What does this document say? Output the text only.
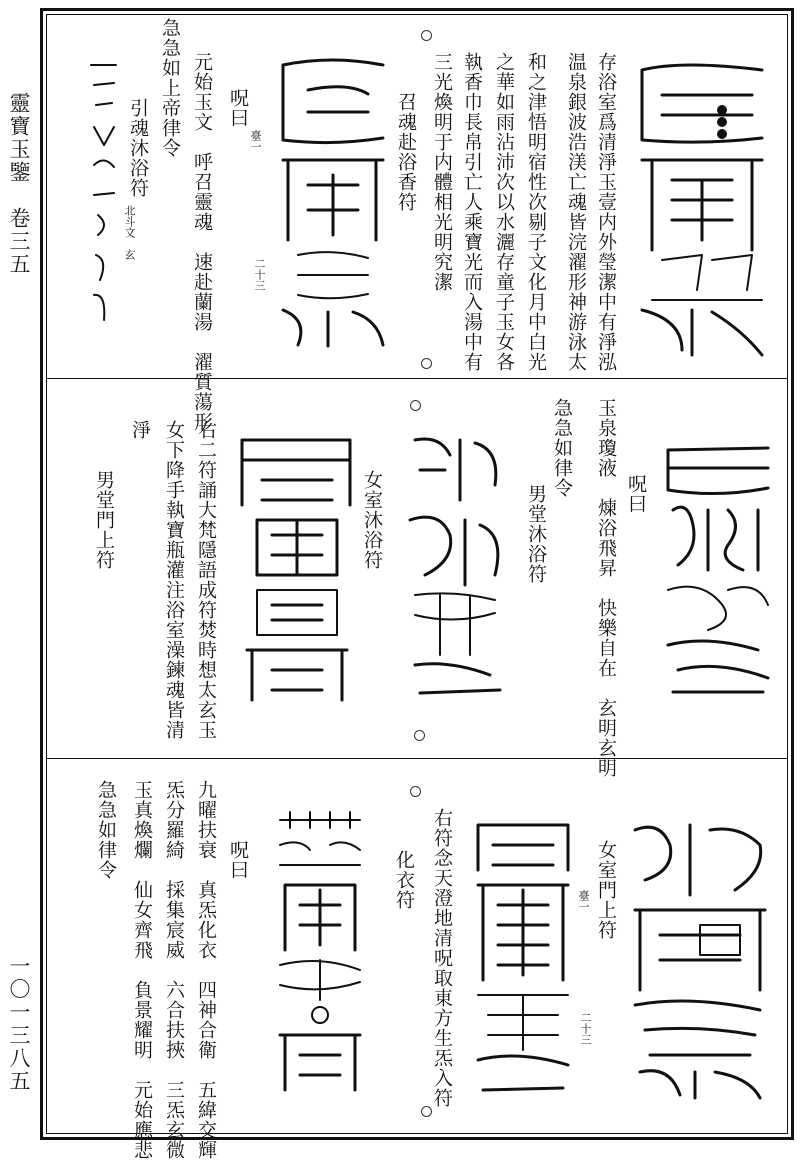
靈寶玉鑒　卷三五
一〇一三八五
存浴室爲清淨玉壹内外瑩潔中有淨泓
温泉銀波浩渼亡魂皆浣濯形神游泳太
和之津悟明宿性次剔子文化月中白光
之華如雨沾沛次以水灑存童子玉女各
執香巾長帛引亡人乘寶光而入湯中有
三光煥明于内體相光明究潔
臺一	召魂赴浴香符
二十三
呪曰
元始玉文　呼召靈魂　速赴蘭湯　濯質蕩形
急急如上帝律令
引魂沐浴符
北斗文　玄
玉泉瓊液　煉浴飛昇　快樂自在　玄明玄明
急急如律令	呪曰
男堂沐浴符
女室沐浴符
右二符誦大梵隱語成符焚時想太玄玉
女下降手執寶瓶灌注浴室澡鍊魂皆清
淨
男堂門上符
女室門上符
臺一
二十三
右符念天澄地清呪取東方生炁入符
化衣符
呪曰
九曜扶衰　真炁化衣　四神合衛　五緯交輝
炁分羅綺　採集宸威　六合扶挾　三炁玄微
玉真煥爛　仙女齊飛　負景耀明　元始應悲
急急如律令
